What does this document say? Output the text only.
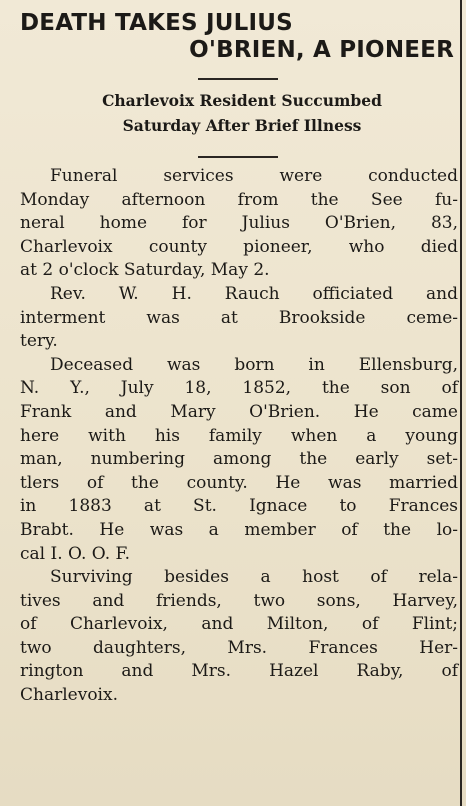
DEATH TAKES JULIUS
O'BRIEN, A PIONEER
Charlevoix Resident Succumbed
Saturday After Brief Illness
Funeral services were conducted
Monday afternoon from the See fu-
neral home for Julius O'Brien, 83,
Charlevoix county pioneer, who died
at 2 o'clock Saturday, May 2.
Rev. W. H. Rauch officiated and
interment was at Brookside ceme-
tery.
Deceased was born in Ellensburg,
N. Y., July 18, 1852, the son of
Frank and Mary O'Brien. He came
here with his family when a young
man, numbering among the early set-
tlers of the county. He was married
in 1883 at St. Ignace to Frances
Brabt. He was a member of the lo-
cal I. O. O. F.
Surviving besides a host of rela-
tives and friends, two sons, Harvey,
of Charlevoix, and Milton, of Flint;
two daughters, Mrs. Frances Her-
rington and Mrs. Hazel Raby, of
Charlevoix.
